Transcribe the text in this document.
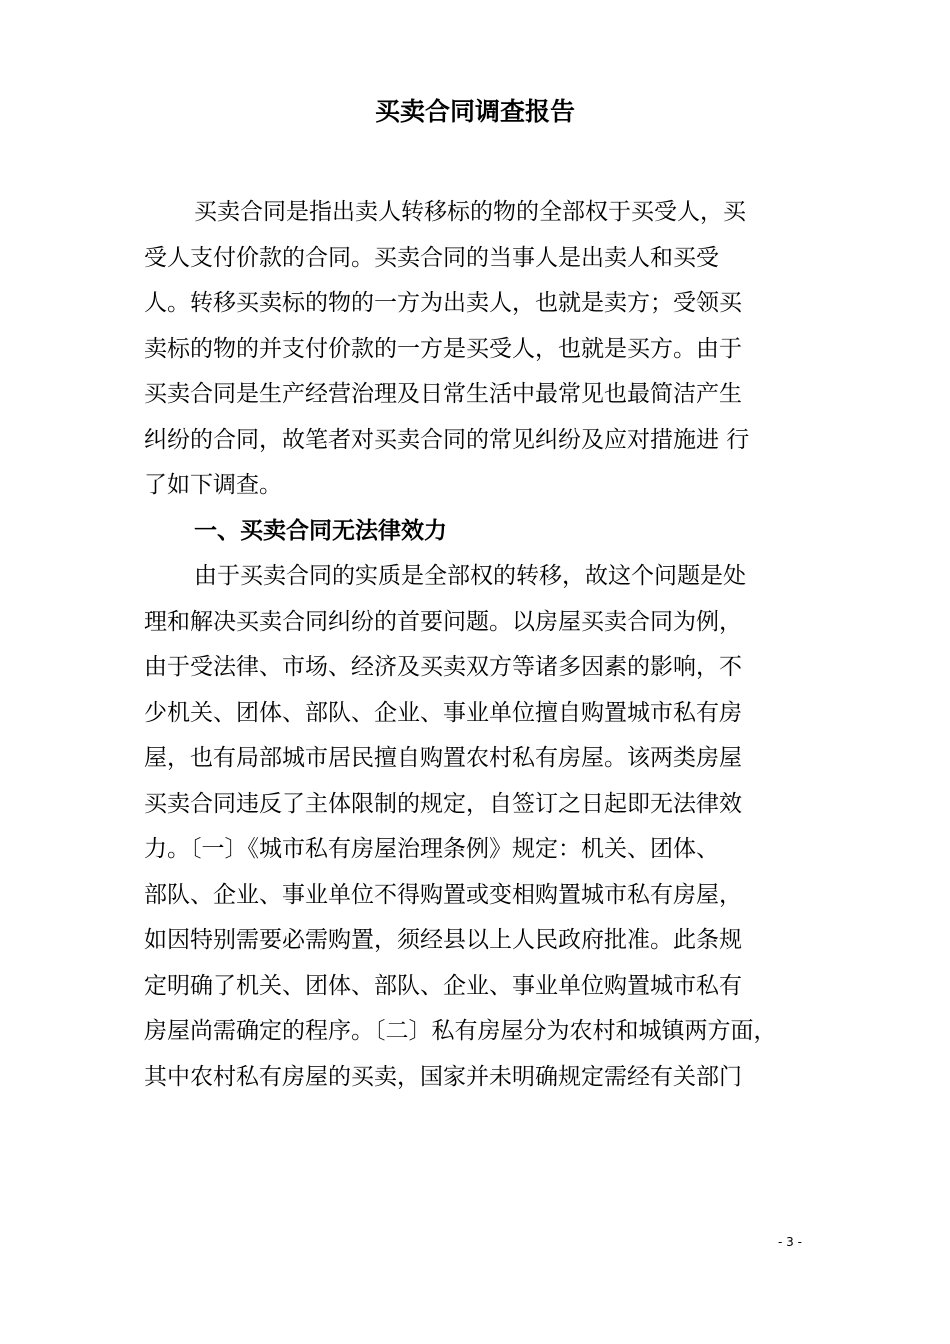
买卖合同调查报告
买卖合同是指出卖人转移标的物的全部权于买受人，买
受人支付价款的合同。买卖合同的当事人是出卖人和买受
人。转移买卖标的物的一方为出卖人，也就是卖方；受领买
卖标的物的并支付价款的一方是买受人，也就是买方。由于
买卖合同是生产经营治理及日常生活中最常见也最简洁产生
纠纷的合同，故笔者对买卖合同的常见纠纷及应对措施进 行
了如下调查。
一、买卖合同无法律效力
由于买卖合同的实质是全部权的转移，故这个问题是处
理和解决买卖合同纠纷的首要问题。以房屋买卖合同为例，
由于受法律、市场、经济及买卖双方等诸多因素的影响，不
少机关、团体、部队、企业、事业单位擅自购置城市私有房
屋，也有局部城市居民擅自购置农村私有房屋。该两类房屋
买卖合同违反了主体限制的规定，自签订之日起即无法律效
力。〔一〕《城市私有房屋治理条例》规定：机关、团体、
部队、企业、事业单位不得购置或变相购置城市私有房屋，
如因特别需要必需购置，须经县以上人民政府批准。此条规
定明确了机关、团体、部队、企业、事业单位购置城市私有
房屋尚需确定的程序。〔二〕私有房屋分为农村和城镇两方面，
其中农村私有房屋的买卖，国家并未明确规定需经有关部门
- 3 -
